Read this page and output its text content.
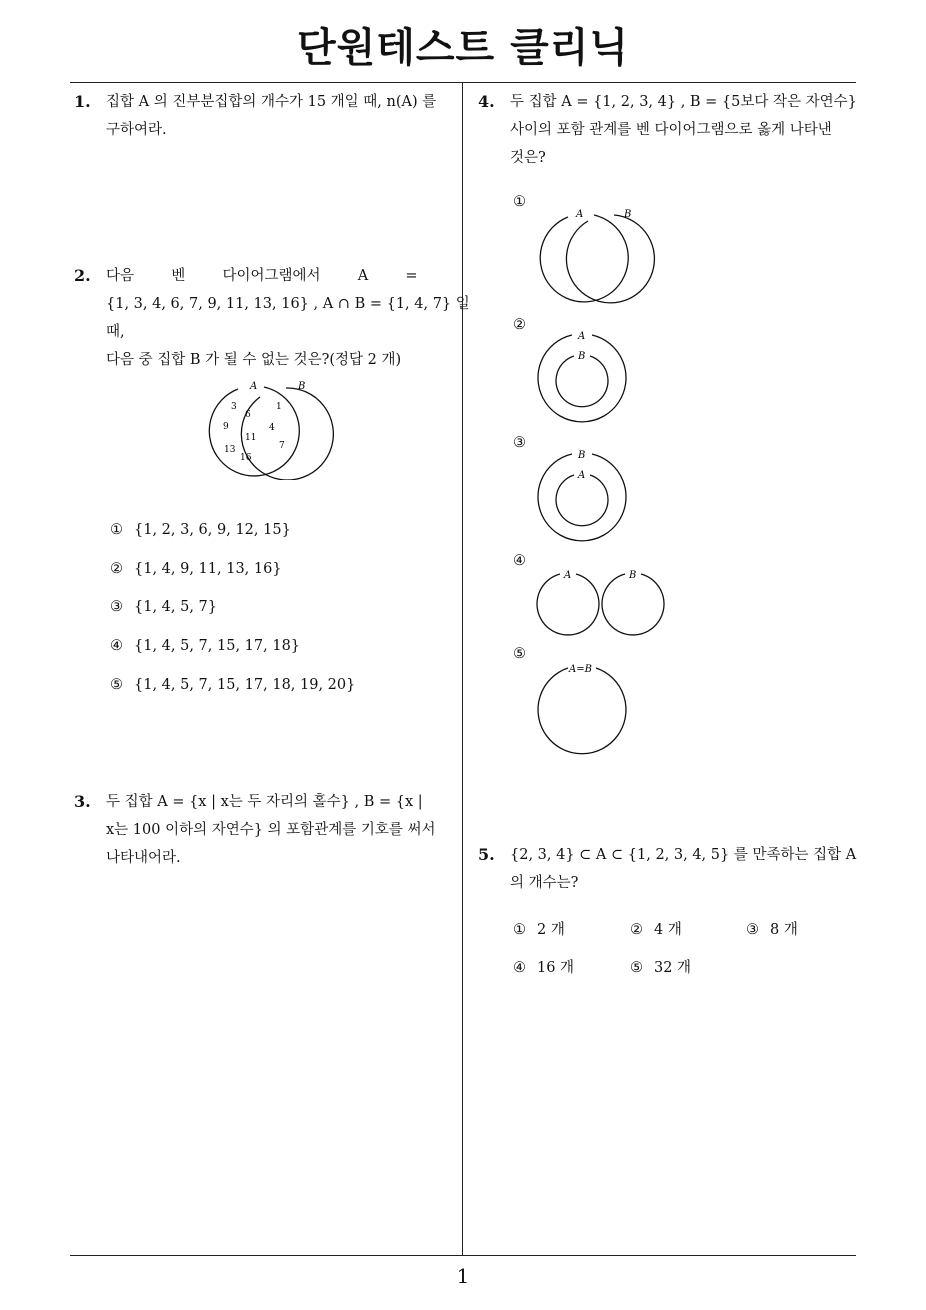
단원테스트 클리닉
1
1. 집합 A 의 진부분집합의 개수가 15 개일 때, n(A) 를
구하여라.
2. 다음  벤  다이어그램에서  A  =
{1, 3, 4, 6, 7, 9, 11, 13, 16} , A ∩ B = {1, 4, 7} 일
때,
다음 중 집합 B 가 될 수 없는 것은?(정답 2 개)
A	B
3
6
9
11
13
16
1
4
7
① {1, 2, 3, 6, 9, 12, 15}
② {1, 4, 9, 11, 13, 16}
③ {1, 4, 5, 7}
④ {1, 4, 5, 7, 15, 17, 18}
⑤ {1, 4, 5, 7, 15, 17, 18, 19, 20}
3. 두 집합 A = {x | x는 두 자리의 홀수} , B = {x |
x는 100 이하의 자연수} 의 포함관계를 기호를 써서
나타내어라.
4. 두 집합 A = {1, 2, 3, 4} , B = {5보다 작은 자연수}
사이의 포함 관계를 벤 다이어그램으로 옳게 나타낸
것은?
①
A	B
②
A
B
③
B
A
④
A	B
⑤
A=B
5. {2, 3, 4} ⊂ A ⊂ {1, 2, 3, 4, 5} 를 만족하는 집합 A
의 개수는?
① 2 개	② 4 개	③ 8 개
④ 16 개	⑤ 32 개
